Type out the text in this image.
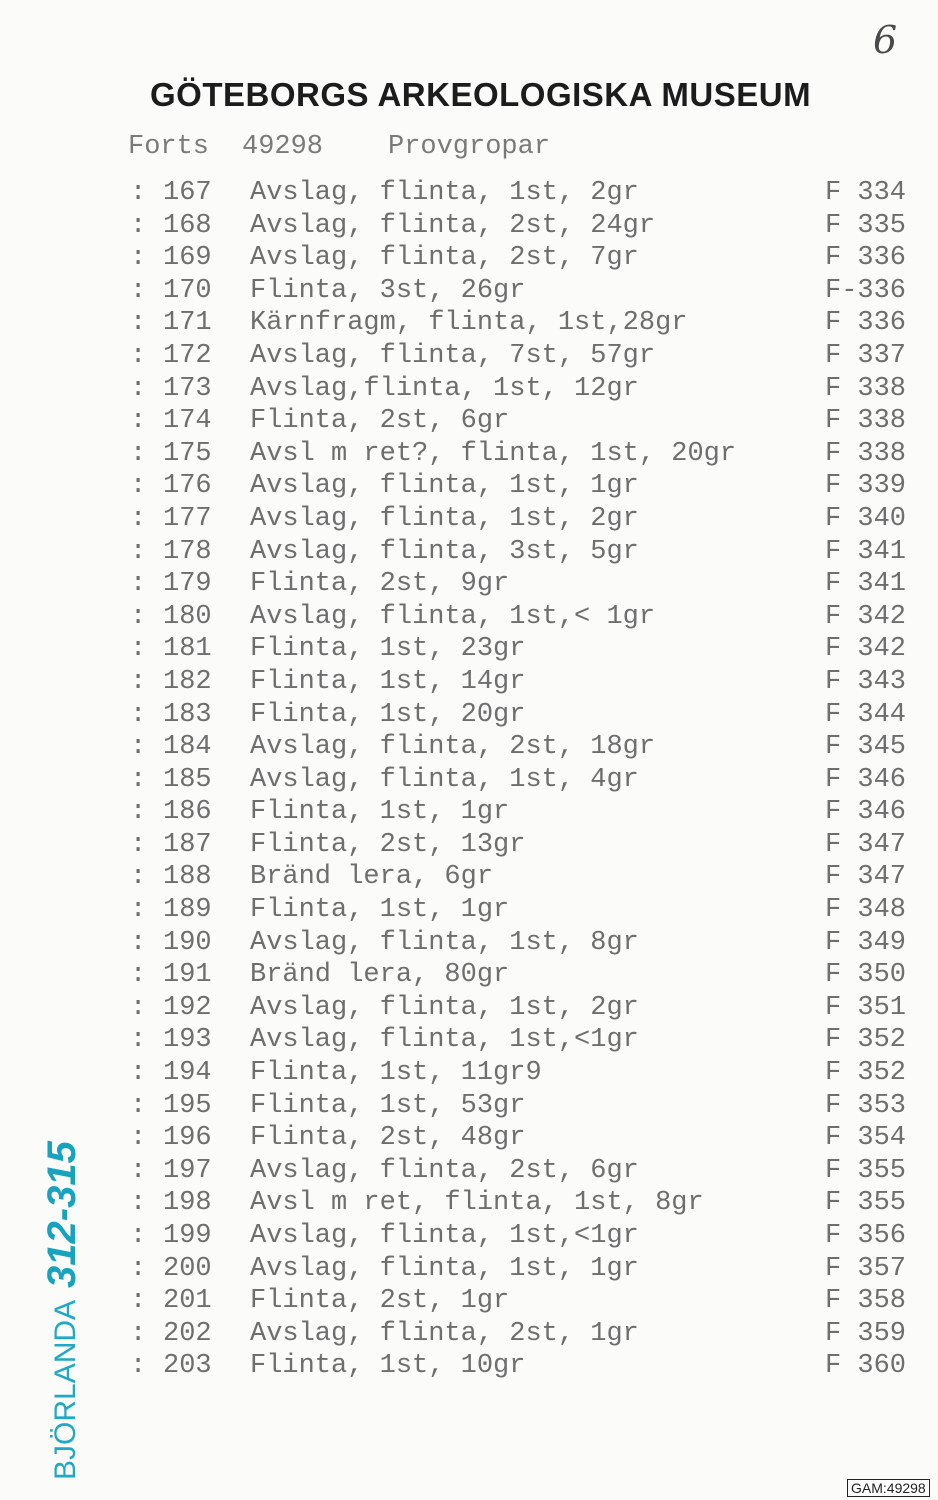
6
GÖTEBORGS ARKEOLOGISKA MUSEUM
Forts 49298 Provgropar
: 167 Avslag, flinta, 1st, 2gr	F 334
: 168 Avslag, flinta, 2st, 24gr	F 335
: 169 Avslag, flinta, 2st, 7gr	F 336
: 170 Flinta, 3st, 26gr	F-336
: 171 Kärnfragm, flinta, 1st,28gr	F 336
: 172 Avslag, flinta, 7st, 57gr	F 337
: 173 Avslag,flinta, 1st, 12gr	F 338
: 174 Flinta, 2st, 6gr	F 338
: 175 Avsl m ret?, flinta, 1st, 20gr	F 338
: 176 Avslag, flinta, 1st, 1gr	F 339
: 177 Avslag, flinta, 1st, 2gr	F 340
: 178 Avslag, flinta, 3st, 5gr	F 341
: 179 Flinta, 2st, 9gr	F 341
: 180 Avslag, flinta, 1st,< 1gr	F 342
: 181 Flinta, 1st, 23gr	F 342
: 182 Flinta, 1st, 14gr	F 343
: 183 Flinta, 1st, 20gr	F 344
: 184 Avslag, flinta, 2st, 18gr	F 345
: 185 Avslag, flinta, 1st, 4gr	F 346
: 186 Flinta, 1st, 1gr	F 346
: 187 Flinta, 2st, 13gr	F 347
: 188 Bränd lera, 6gr	F 347
: 189 Flinta, 1st, 1gr	F 348
: 190 Avslag, flinta, 1st, 8gr	F 349
: 191 Bränd lera, 80gr	F 350
: 192 Avslag, flinta, 1st, 2gr	F 351
: 193 Avslag, flinta, 1st,<1gr	F 352
: 194 Flinta, 1st, 11gr9	F 352
: 195 Flinta, 1st, 53gr	F 353
: 196 Flinta, 2st, 48gr	F 354
: 197 Avslag, flinta, 2st, 6gr	F 355
: 198 Avsl m ret, flinta, 1st, 8gr	F 355
: 199 Avslag, flinta, 1st,<1gr	F 356
: 200 Avslag, flinta, 1st, 1gr	F 357
: 201 Flinta, 2st, 1gr	F 358
: 202 Avslag, flinta, 2st, 1gr	F 359
: 203 Flinta, 1st, 10gr	F 360
BJÖRLANDA312-315
GAM:49298
